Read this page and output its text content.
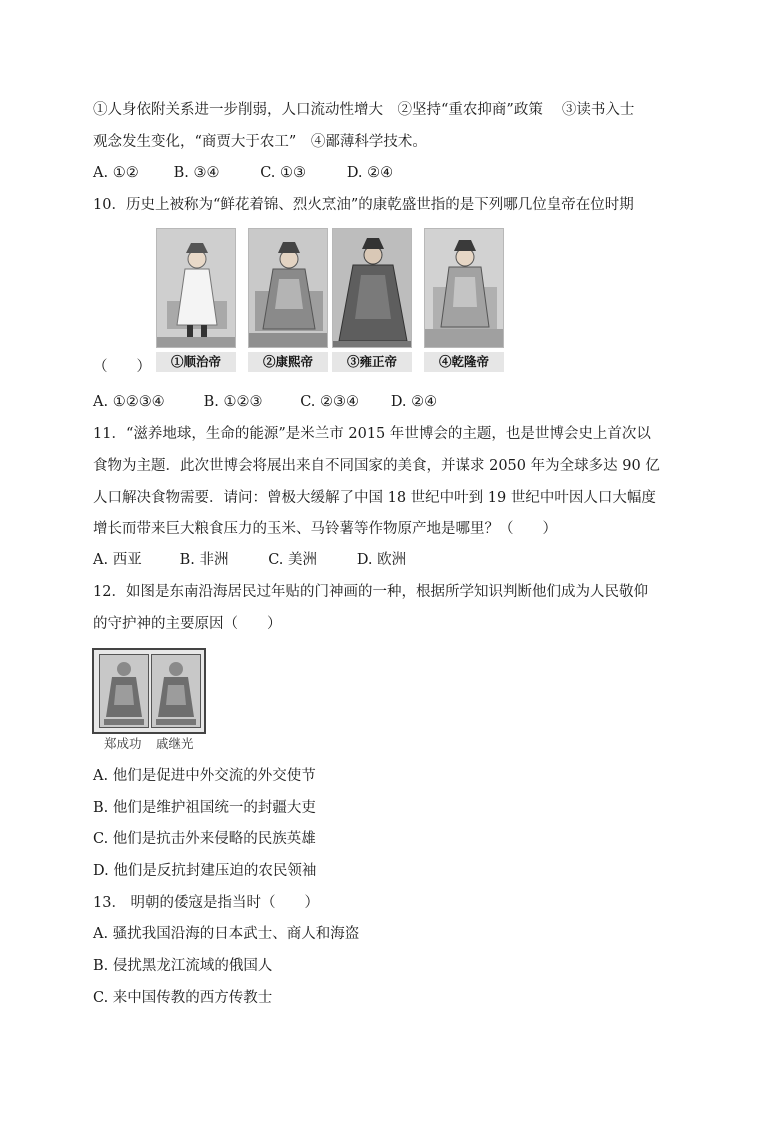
①人身依附关系进一步削弱，人口流动性增大　②坚持“重农抑商”政策　 ③读书入士
观念发生变化，“商贾大于农工”　④鄙薄科学技术。
A. ①② B. ③④	C. ①③	D. ②④
10．历史上被称为“鲜花着锦、烈火烹油”的康乾盛世指的是下列哪几位皇帝在位时期
①顺治帝	②康熙帝	③雍正帝	④乾隆帝
（　　）
A. ①②③④	B. ①②③	C. ②③④ D. ②④
11．“滋养地球，生命的能源”是米兰市 2015 年世博会的主题，也是世博会史上首次以
食物为主题．此次世博会将展出来自不同国家的美食，并谋求 2050 年为全球多达 90 亿
人口解决食物需要．请问：曾极大缓解了中国 18 世纪中叶到 19 世纪中叶因人口大幅度
增长而带来巨大粮食压力的玉米、马铃薯等作物原产地是哪里？（　　）
A. 西亚	B. 非洲	C. 美洲	D. 欧洲
12．如图是东南沿海居民过年贴的门神画的一种，根据所学知识判断他们成为人民敬仰
的守护神的主要原因（　　）
郑成功 戚继光
A. 他们是促进中外交流的外交使节
B. 他们是维护祖国统一的封疆大吏
C. 他们是抗击外来侵略的民族英雄
D. 他们是反抗封建压迫的农民领袖
13． 明朝的倭寇是指当时（　　）
A. 骚扰我国沿海的日本武士、商人和海盗
B. 侵扰黑龙江流域的俄国人
C. 来中国传教的西方传教士
